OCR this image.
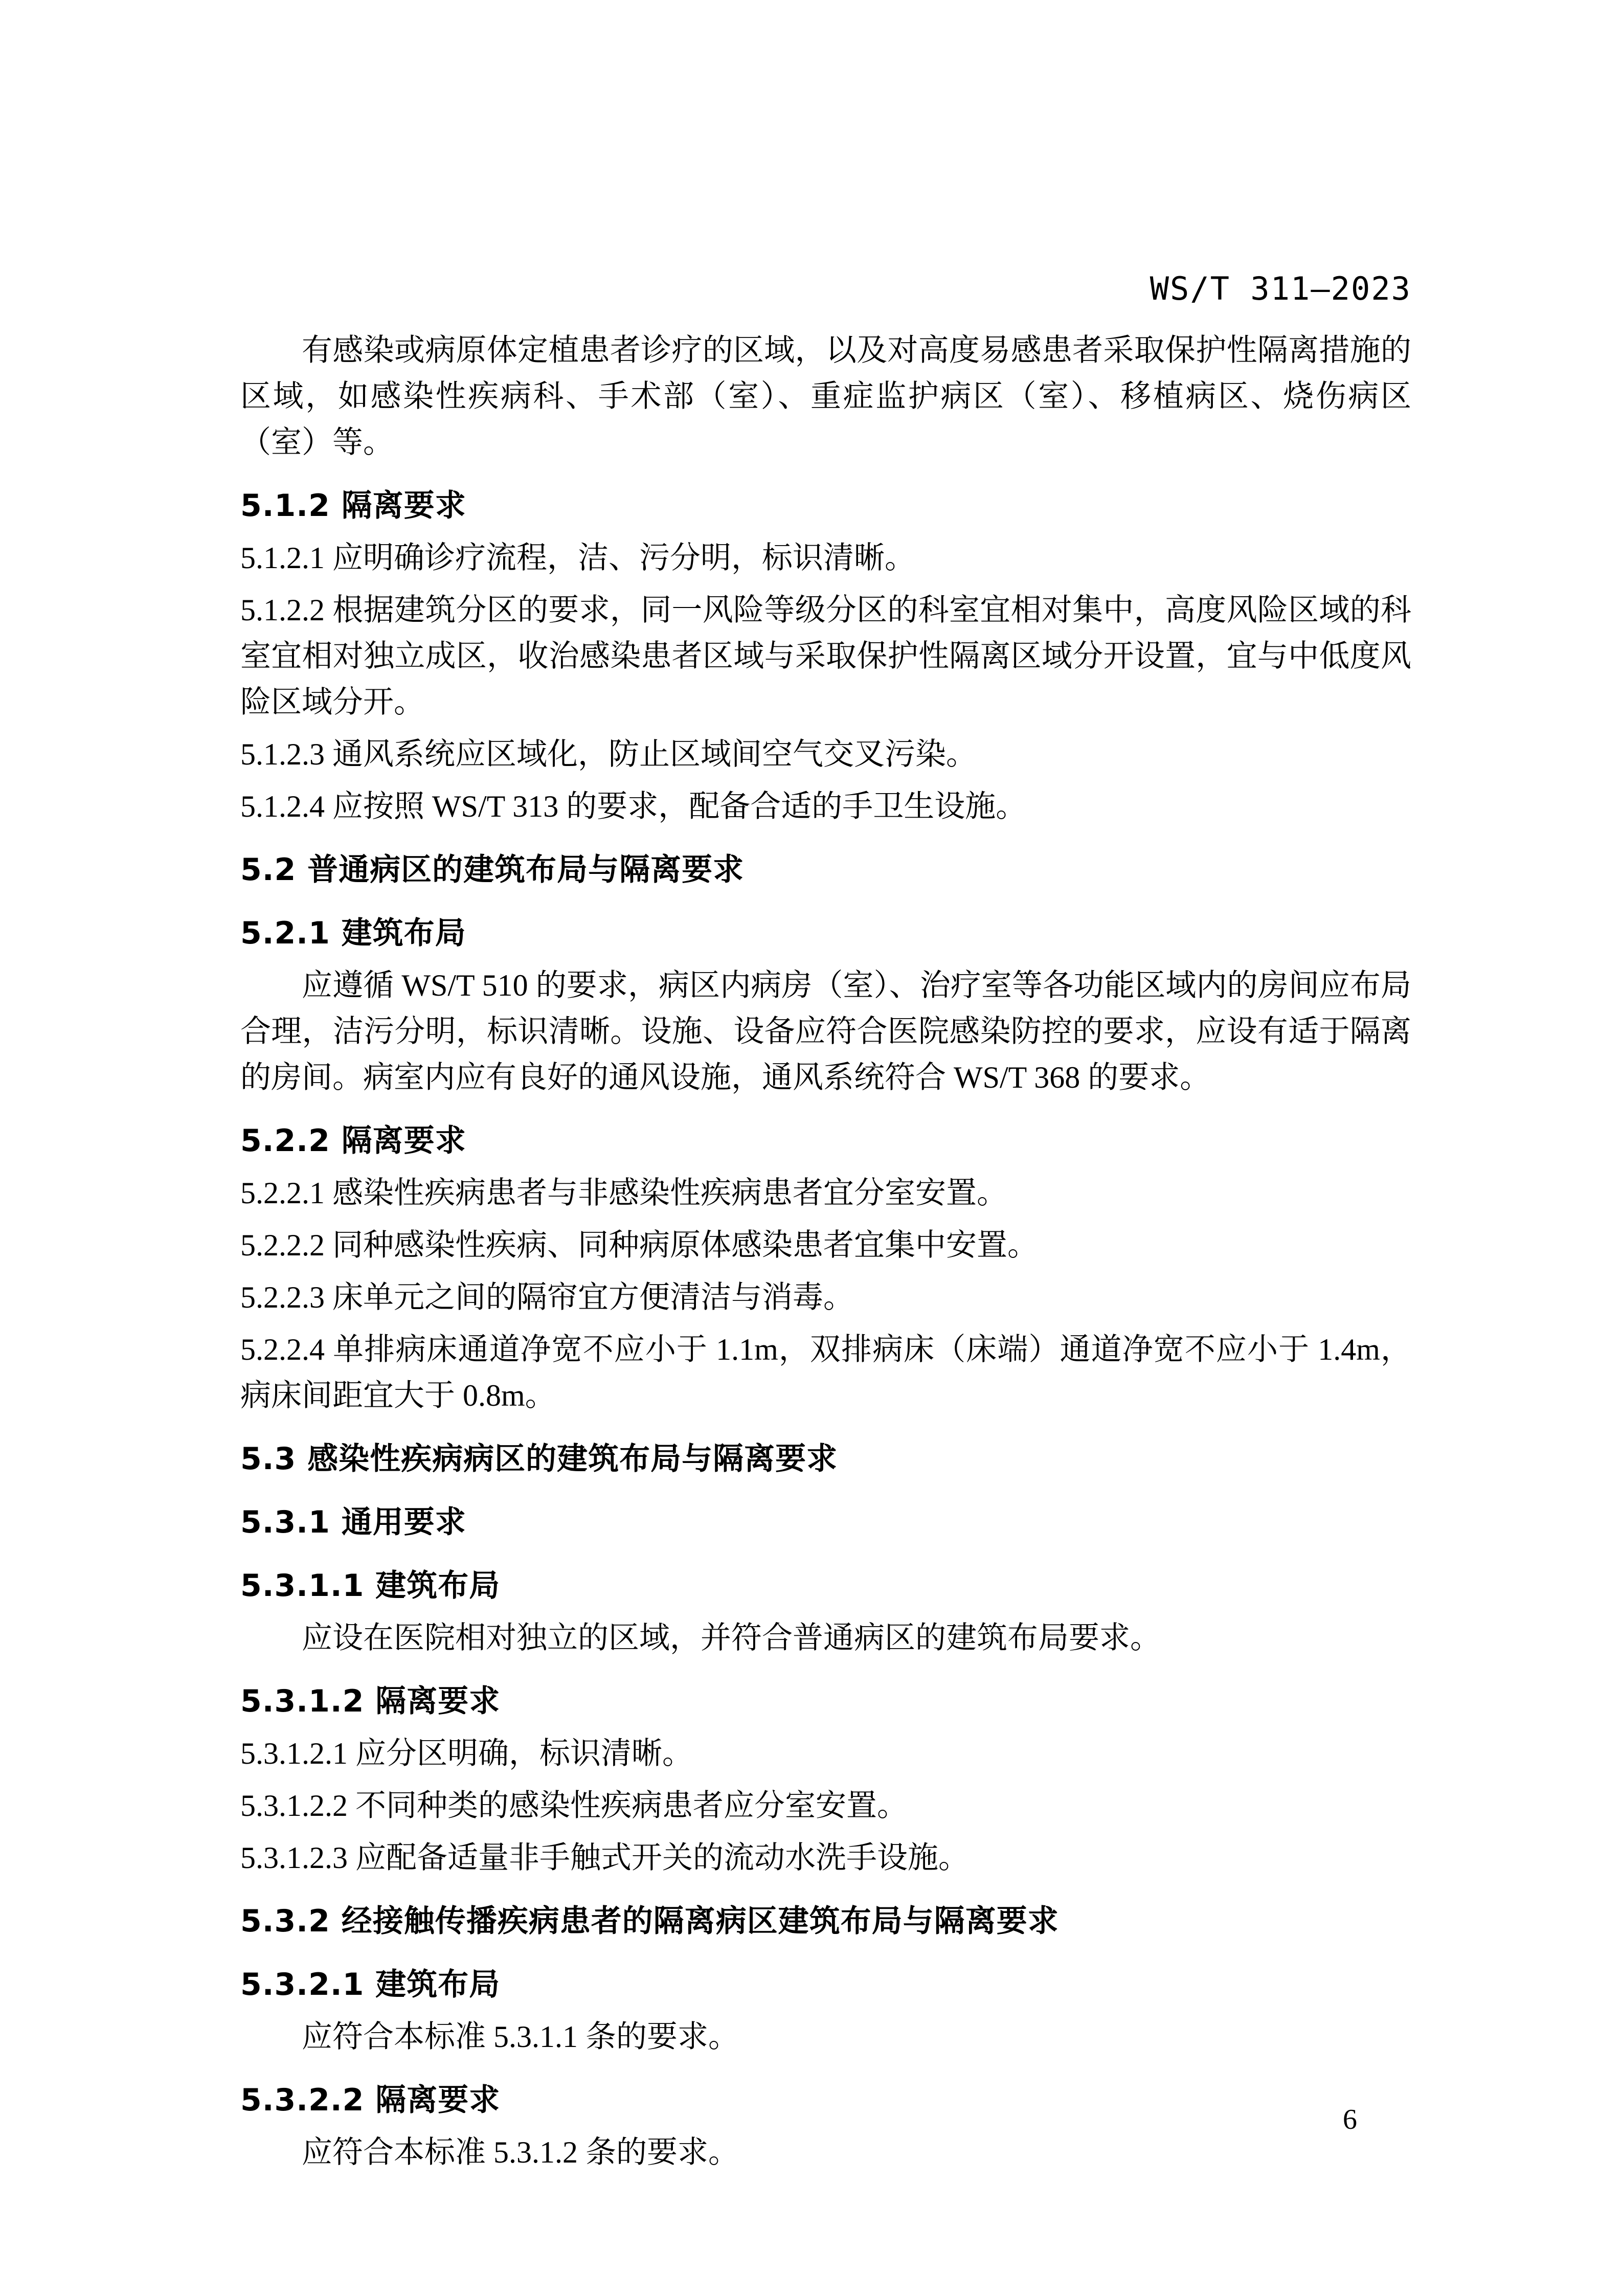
WS/T 311—2023
有感染或病原体定植患者诊疗的区域，以及对高度易感患者采取保护性隔离措施的区域，如感染性疾病科、手术部（室）、重症监护病区（室）、移植病区、烧伤病区（室）等。
5.1.2 隔离要求
5.1.2.1 应明确诊疗流程，洁、污分明，标识清晰。
5.1.2.2 根据建筑分区的要求，同一风险等级分区的科室宜相对集中，高度风险区域的科室宜相对独立成区，收治感染患者区域与采取保护性隔离区域分开设置，宜与中低度风险区域分开。
5.1.2.3 通风系统应区域化，防止区域间空气交叉污染。
5.1.2.4 应按照 WS/T 313 的要求，配备合适的手卫生设施。
5.2 普通病区的建筑布局与隔离要求
5.2.1 建筑布局
应遵循 WS/T 510 的要求，病区内病房（室）、治疗室等各功能区域内的房间应布局合理，洁污分明，标识清晰。设施、设备应符合医院感染防控的要求，应设有适于隔离的房间。病室内应有良好的通风设施，通风系统符合 WS/T 368 的要求。
5.2.2 隔离要求
5.2.2.1 感染性疾病患者与非感染性疾病患者宜分室安置。
5.2.2.2 同种感染性疾病、同种病原体感染患者宜集中安置。
5.2.2.3 床单元之间的隔帘宜方便清洁与消毒。
5.2.2.4 单排病床通道净宽不应小于 1.1m，双排病床（床端）通道净宽不应小于 1.4m，病床间距宜大于 0.8m。
5.3 感染性疾病病区的建筑布局与隔离要求
5.3.1 通用要求
5.3.1.1 建筑布局
应设在医院相对独立的区域，并符合普通病区的建筑布局要求。
5.3.1.2 隔离要求
5.3.1.2.1 应分区明确，标识清晰。
5.3.1.2.2 不同种类的感染性疾病患者应分室安置。
5.3.1.2.3 应配备适量非手触式开关的流动水洗手设施。
5.3.2 经接触传播疾病患者的隔离病区建筑布局与隔离要求
5.3.2.1 建筑布局
应符合本标准 5.3.1.1 条的要求。
5.3.2.2 隔离要求
应符合本标准 5.3.1.2 条的要求。
6
